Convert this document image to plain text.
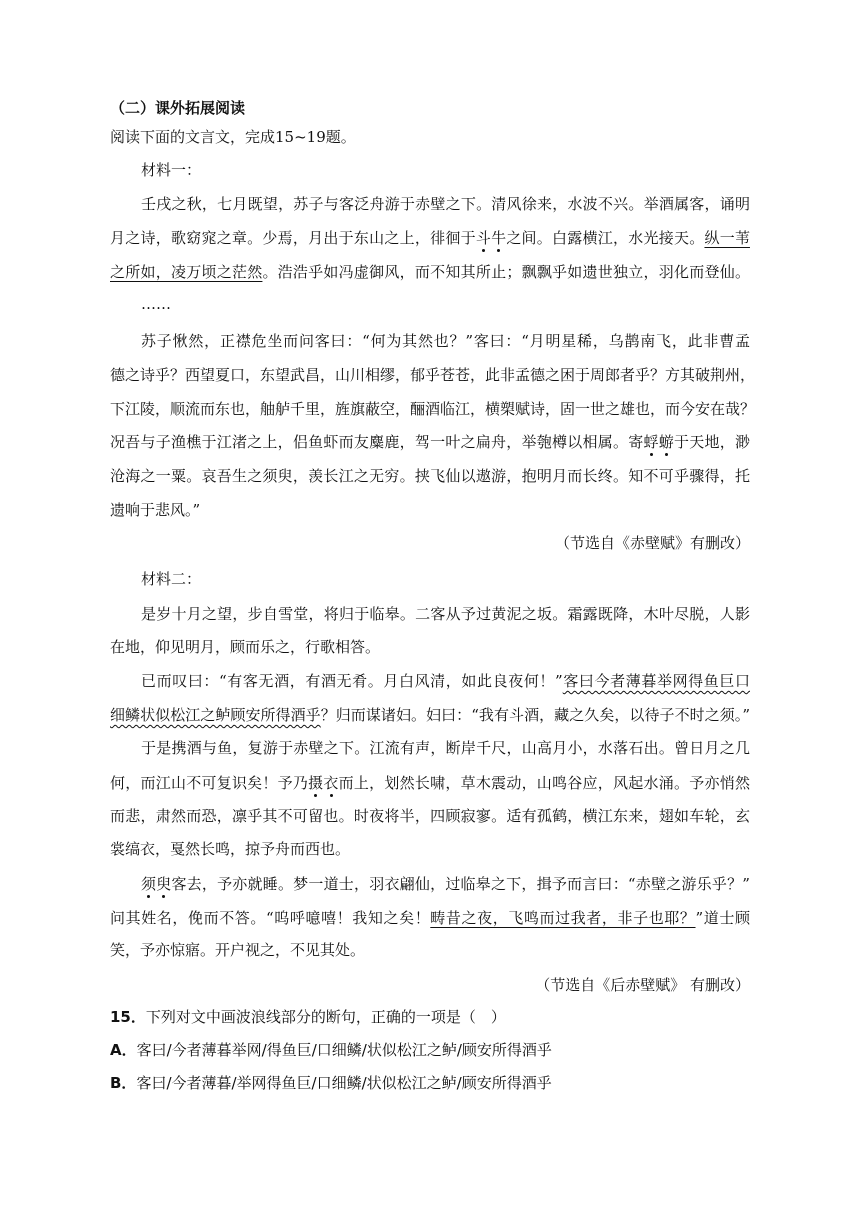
（二）课外拓展阅读
阅读下面的文言文，完成15~19题。
材料一：
壬戌之秋，七月既望，苏子与客泛舟游于赤壁之下。清风徐来，水波不兴。举酒属客，诵明
月之诗，歌窈窕之章。少焉，月出于东山之上，徘徊于斗牛之间。白露横江，水光接天。纵一苇
之所如，凌万顷之茫然。浩浩乎如冯虚御风，而不知其所止；飘飘乎如遗世独立，羽化而登仙。
……
苏子愀然，正襟危坐而问客曰：“何为其然也？”客曰：“月明星稀，乌鹊南飞，此非曹孟
德之诗乎？西望夏口，东望武昌，山川相缪，郁乎苍苍，此非孟德之困于周郎者乎？方其破荆州，
下江陵，顺流而东也，舳舻千里，旌旗蔽空，酾酒临江，横槊赋诗，固一世之雄也，而今安在哉？
况吾与子渔樵于江渚之上，侣鱼虾而友麋鹿，驾一叶之扁舟，举匏樽以相属。寄蜉蝣于天地，渺
沧海之一粟。哀吾生之须臾，羡长江之无穷。挟飞仙以遨游，抱明月而长终。知不可乎骤得，托
遗响于悲风。”
（节选自《赤壁赋》有删改）
材料二：
是岁十月之望，步自雪堂，将归于临皋。二客从予过黄泥之坂。霜露既降，木叶尽脱，人影
在地，仰见明月，顾而乐之，行歌相答。
已而叹曰：“有客无酒，有酒无肴。月白风清，如此良夜何！”客曰今者薄暮举网得鱼巨口
细鳞状似松江之鲈顾安所得酒乎？归而谋诸妇。妇曰：“我有斗酒，藏之久矣，以待子不时之须。”
于是携酒与鱼，复游于赤壁之下。江流有声，断岸千尺，山高月小，水落石出。曾日月之几
何，而江山不可复识矣！予乃摄衣而上，划然长啸，草木震动，山鸣谷应，风起水涌。予亦悄然
而悲，肃然而恐，凛乎其不可留也。时夜将半，四顾寂寥。适有孤鹤，横江东来，翅如车轮，玄
裳缟衣，戛然长鸣，掠予舟而西也。
须臾客去，予亦就睡。梦一道士，羽衣翩仙，过临皋之下，揖予而言曰：“赤壁之游乐乎？”
问其姓名，俛而不答。“呜呼噫嘻！我知之矣！畴昔之夜，飞鸣而过我者，非子也耶？”道士顾
笑，予亦惊寤。开户视之，不见其处。
（节选自《后赤壁赋》 有删改）
15．下列对文中画波浪线部分的断句，正确的一项是（　）
A．客曰/今者薄暮举网/得鱼巨/口细鳞/状似松江之鲈/顾安所得酒乎
B．客曰/今者薄暮/举网得鱼巨/口细鳞/状似松江之鲈/顾安所得酒乎
